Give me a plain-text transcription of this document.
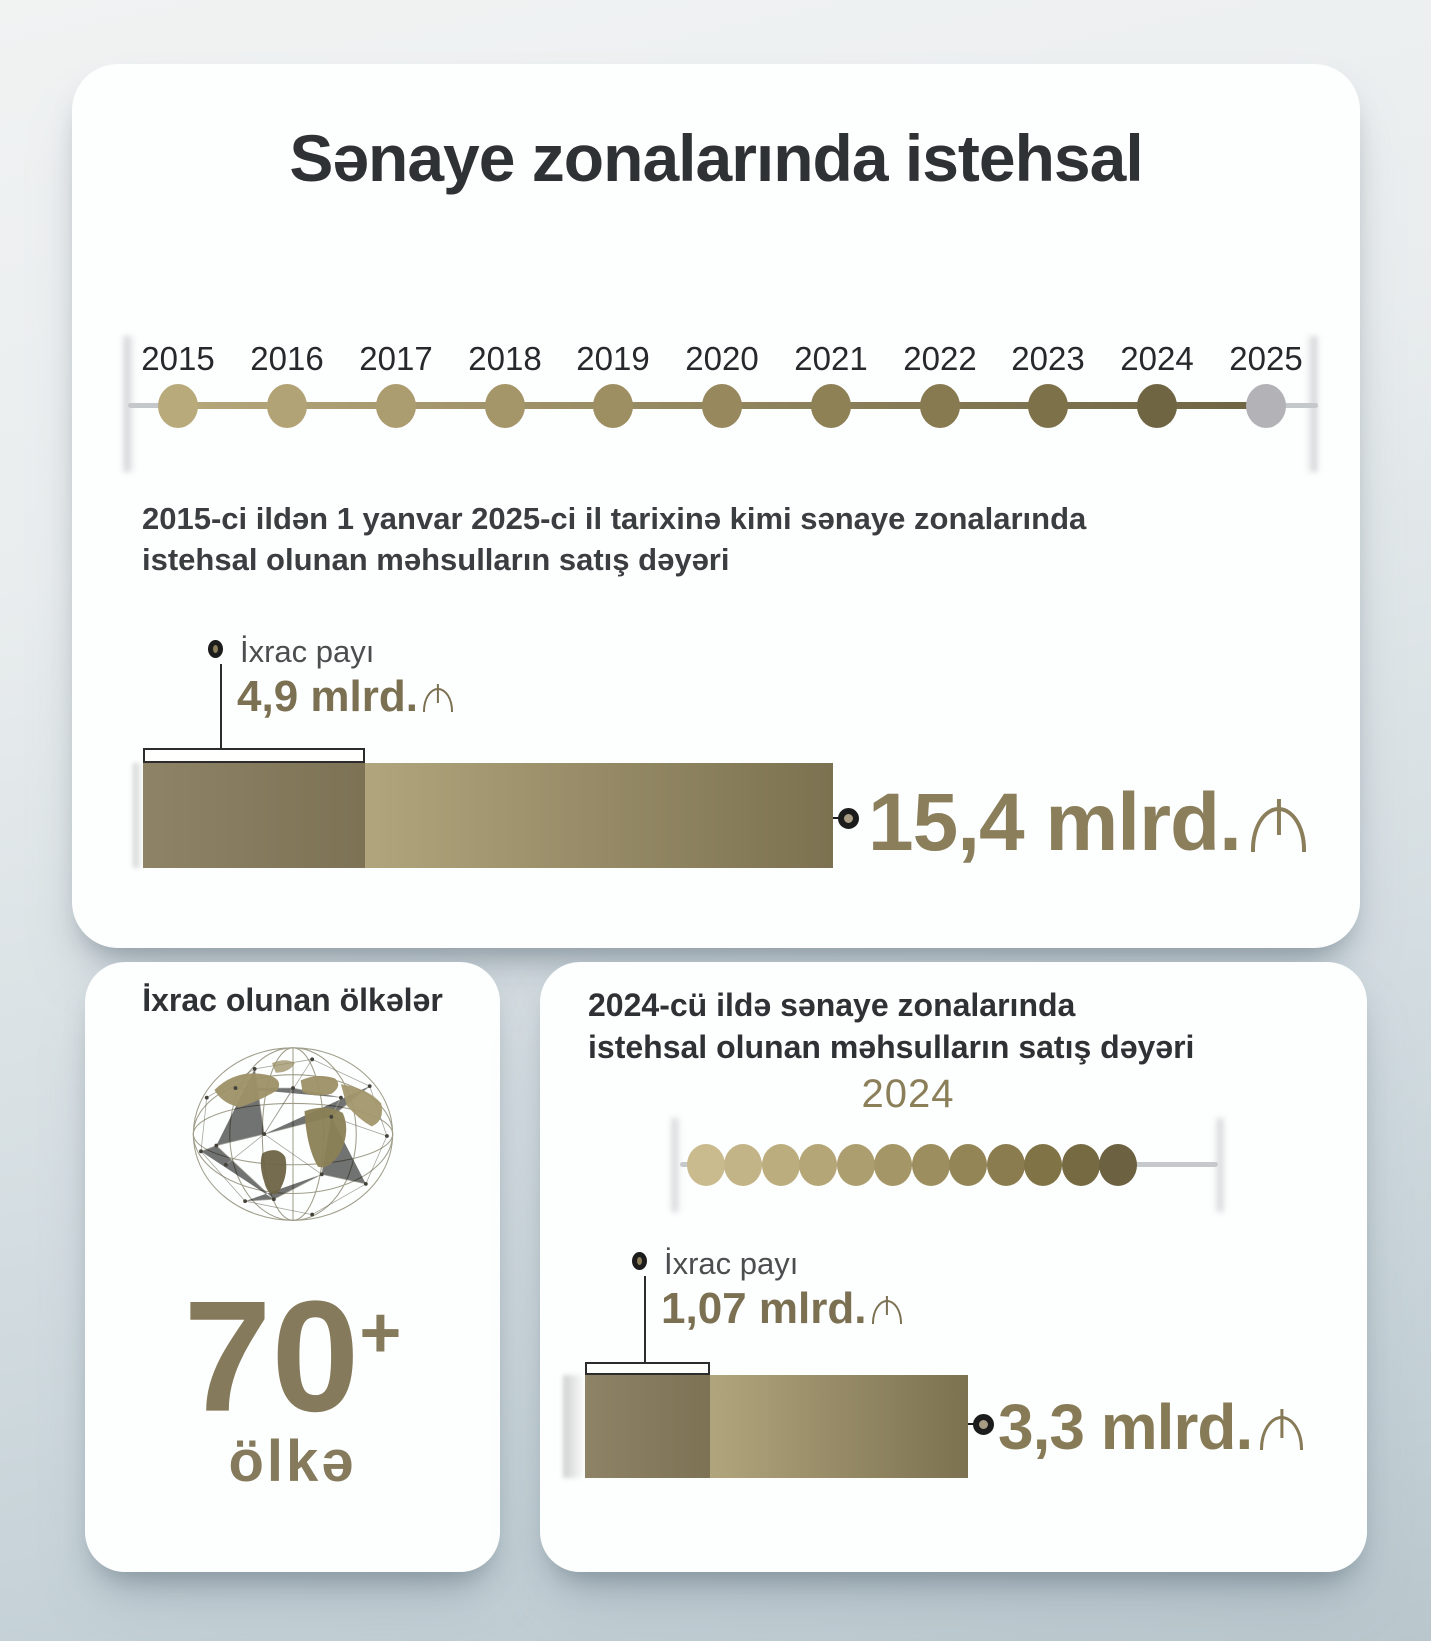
Sənaye zonalarında istehsal
2015	2016	2017	2018	2019	2020	2021	2022	2023	2024	2025

2015-ci ildən 1 yanvar 2025-ci il tarixinə kimi sənaye zonalarında
istehsal olunan məhsulların satış dəyəri

İxrac payı
4,9 mlrd.
15,4 mlrd.
İxrac olunan ölkələr
70+
ölkə

2024-cü ildə sənaye zonalarında
istehsal olunan məhsulların satış dəyəri

2024
İxrac payı
1,07 mlrd.
3,3 mlrd.
